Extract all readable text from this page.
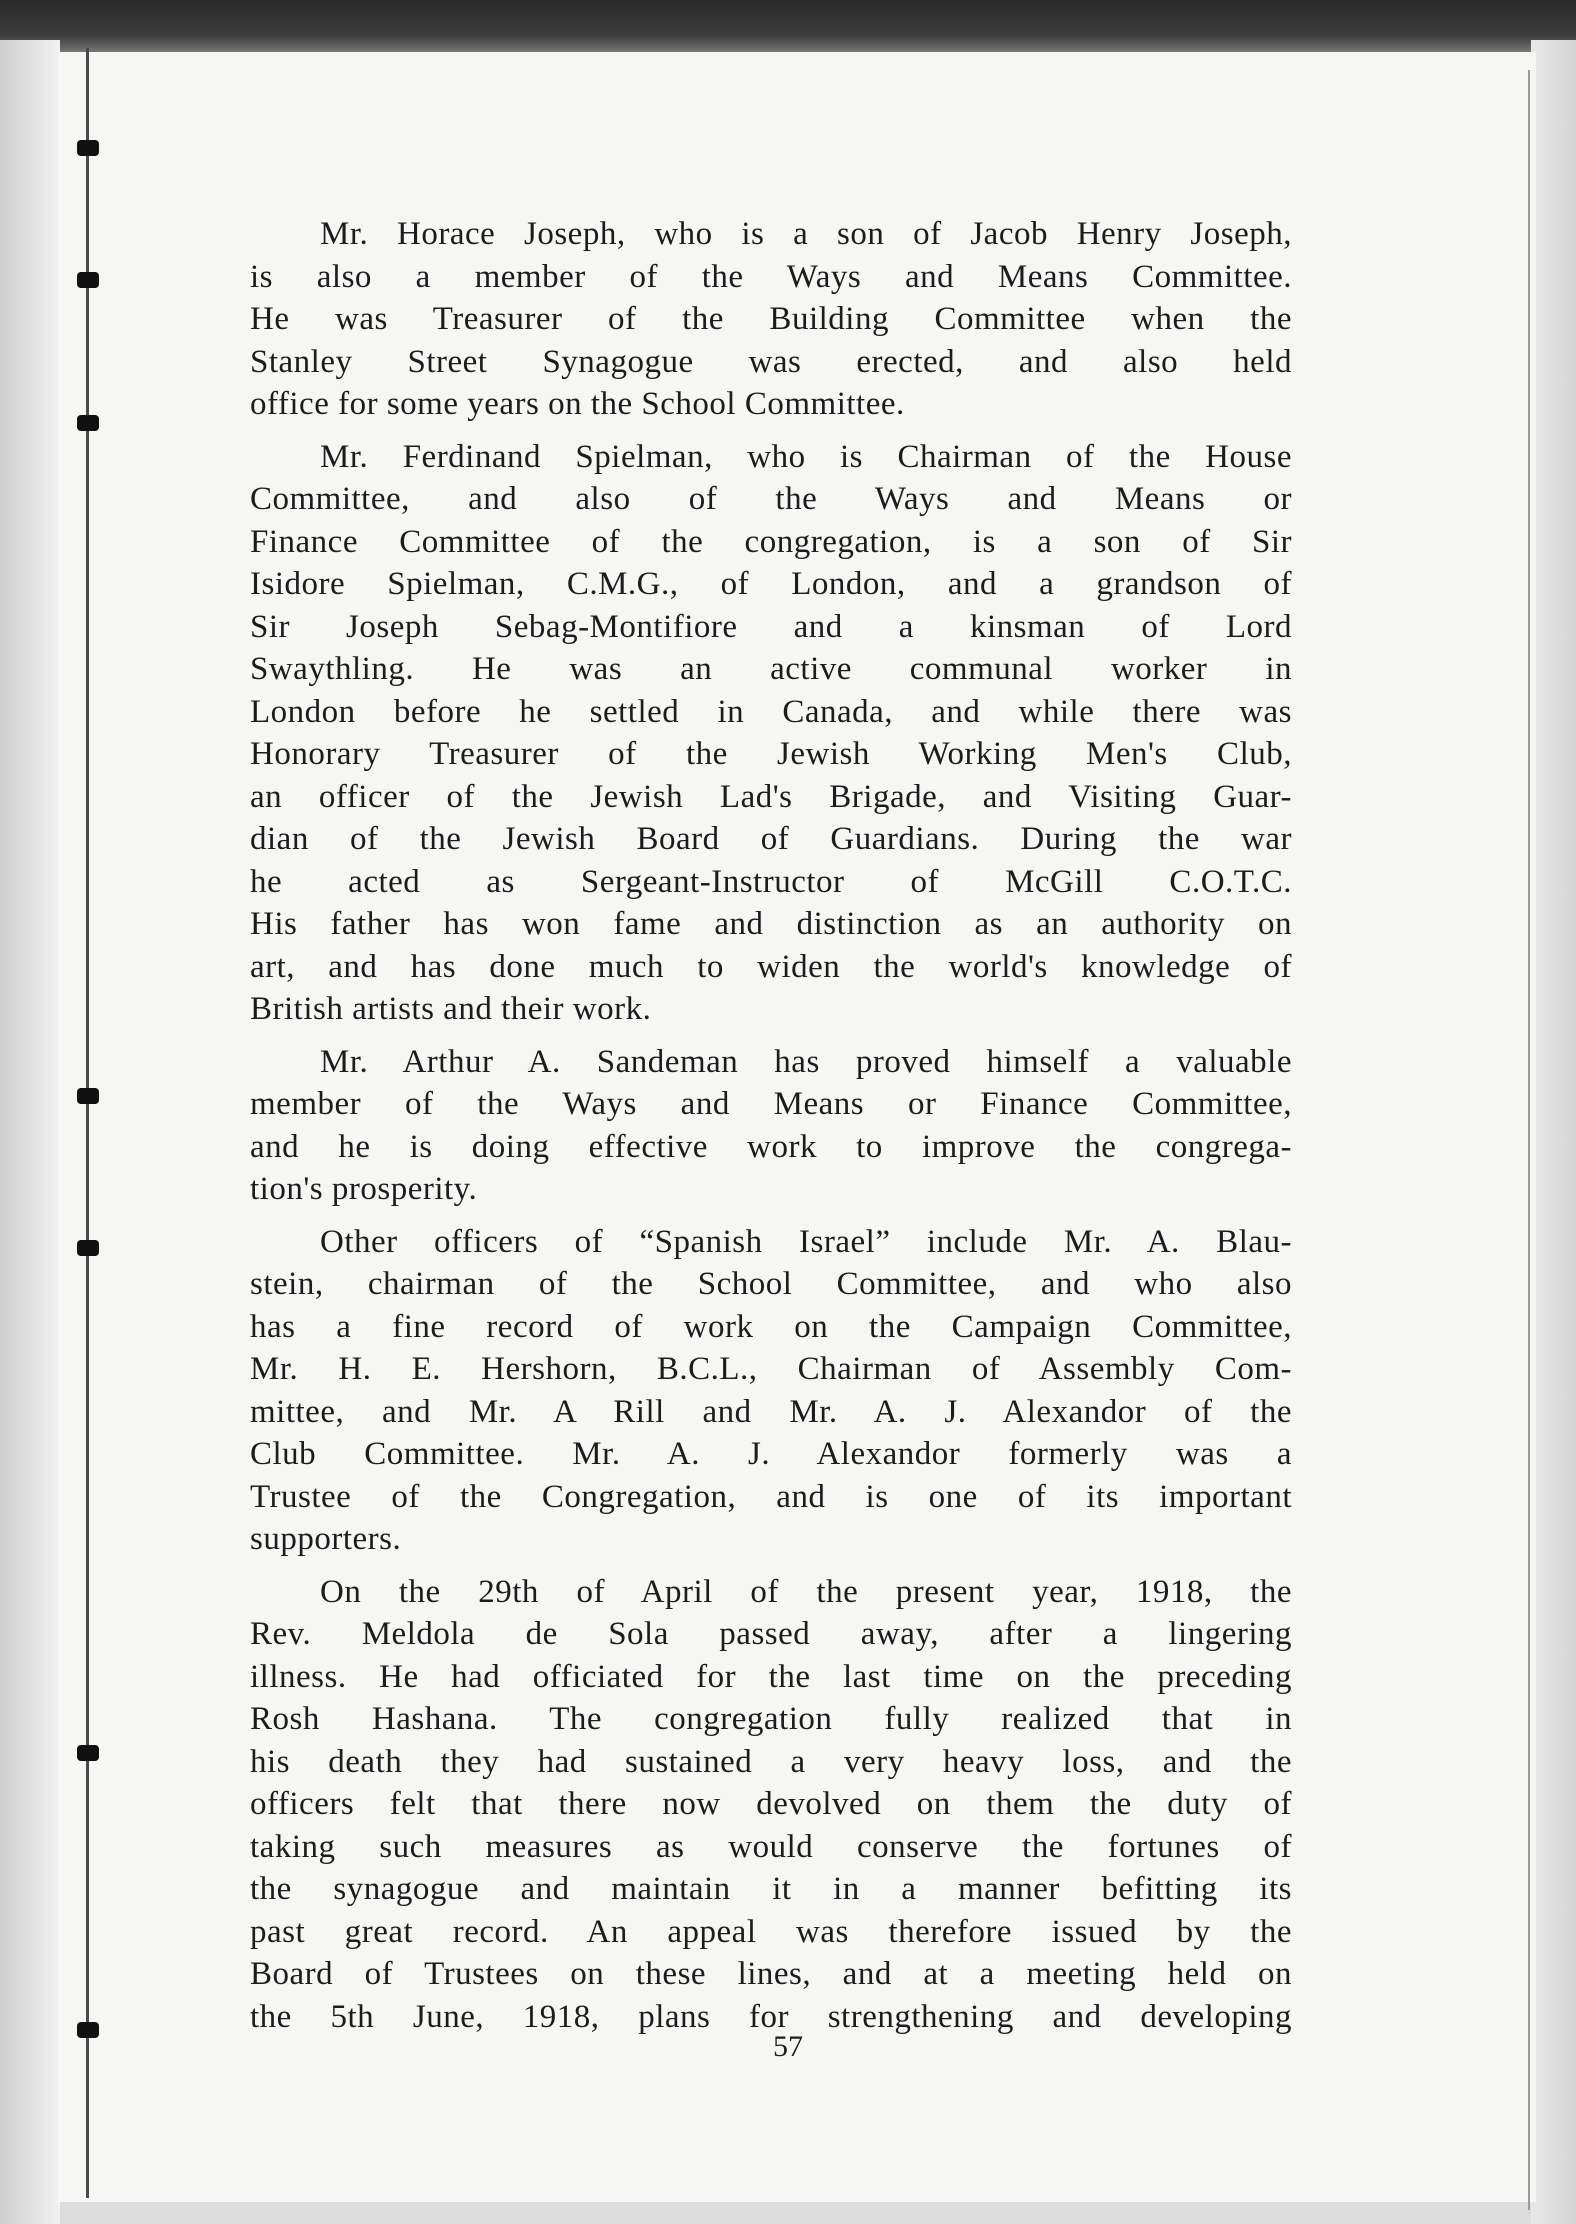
Mr. Horace Joseph, who is a son of Jacob Henry Joseph,
is also a member of the Ways and Means Committee.
He was Treasurer of the Building Committee when the
Stanley Street Synagogue was erected, and also held
office for some years on the School Committee.
Mr. Ferdinand Spielman, who is Chairman of the House
Committee, and also of the Ways and Means or
Finance Committee of the congregation, is a son of Sir
Isidore Spielman, C.M.G., of London, and a grandson of
Sir Joseph Sebag-Montifiore and a kinsman of Lord
Swaythling. He was an active communal worker in
London before he settled in Canada, and while there was
Honorary Treasurer of the Jewish Working Men's Club,
an officer of the Jewish Lad's Brigade, and Visiting Guar-
dian of the Jewish Board of Guardians. During the war
he acted as Sergeant-Instructor of McGill C.O.T.C.
His father has won fame and distinction as an authority on
art, and has done much to widen the world's knowledge of
British artists and their work.
Mr. Arthur A. Sandeman has proved himself a valuable
member of the Ways and Means or Finance Committee,
and he is doing effective work to improve the congrega-
tion's prosperity.
Other officers of “Spanish Israel” include Mr. A. Blau-
stein, chairman of the School Committee, and who also
has a fine record of work on the Campaign Committee,
Mr. H. E. Hershorn, B.C.L., Chairman of Assembly Com-
mittee, and Mr. A Rill and Mr. A. J. Alexandor of the
Club Committee. Mr. A. J. Alexandor formerly was a
Trustee of the Congregation, and is one of its important
supporters.
On the 29th of April of the present year, 1918, the
Rev. Meldola de Sola passed away, after a lingering
illness. He had officiated for the last time on the preceding
Rosh Hashana. The congregation fully realized that in
his death they had sustained a very heavy loss, and the
officers felt that there now devolved on them the duty of
taking such measures as would conserve the fortunes of
the synagogue and maintain it in a manner befitting its
past great record. An appeal was therefore issued by the
Board of Trustees on these lines, and at a meeting held on
the 5th June, 1918, plans for strengthening and developing
57
